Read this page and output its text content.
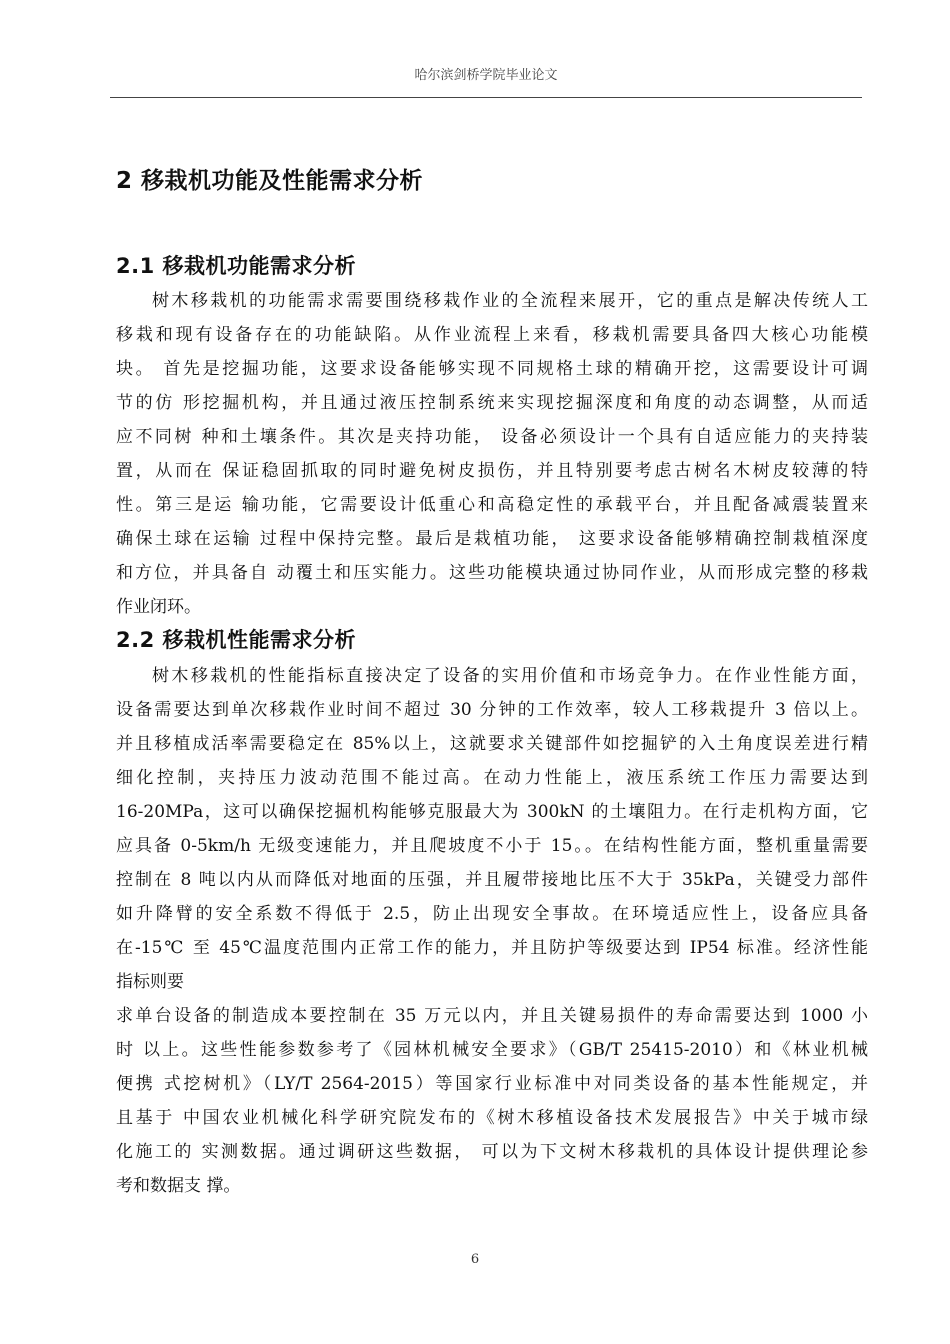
哈尔滨剑桥学院毕业论文
2 移栽机功能及性能需求分析
2.1 移栽机功能需求分析
树木移栽机的功能需求需要围绕移栽作业的全流程来展开，它的重点是解决传统人工
移栽和现有设备存在的功能缺陷。从作业流程上来看，移栽机需要具备四大核心功能模
块。 首先是挖掘功能，这要求设备能够实现不同规格土球的精确开挖，这需要设计可调
节的仿 形挖掘机构，并且通过液压控制系统来实现挖掘深度和角度的动态调整，从而适
应不同树 种和土壤条件。其次是夹持功能， 设备必须设计一个具有自适应能力的夹持装
置，从而在 保证稳固抓取的同时避免树皮损伤，并且特别要考虑古树名木树皮较薄的特
性。第三是运 输功能，它需要设计低重心和高稳定性的承载平台，并且配备减震装置来
确保土球在运输 过程中保持完整。最后是栽植功能， 这要求设备能够精确控制栽植深度
和方位，并具备自 动覆土和压实能力。这些功能模块通过协同作业，从而形成完整的移栽
作业闭环。
2.2 移栽机性能需求分析
树木移栽机的性能指标直接决定了设备的实用价值和市场竞争力。在作业性能方面，
设备需要达到单次移栽作业时间不超过 30 分钟的工作效率，较人工移栽提升 3 倍以上。
并且移植成活率需要稳定在 85%以上，这就要求关键部件如挖掘铲的入土角度误差进行精
细化控制，夹持压力波动范围不能过高。在动力性能上，液压系统工作压力需要达到
16-20MPa，这可以确保挖掘机构能够克服最大为 300kN 的土壤阻力。在行走机构方面，它
应具备 0-5km/h 无级变速能力，并且爬坡度不小于 15。。在结构性能方面，整机重量需要
控制在 8 吨以内从而降低对地面的压强，并且履带接地比压不大于 35kPa，关键受力部件
如升降臂的安全系数不得低于 2.5，防止出现安全事故。在环境适应性上，设备应具备
在-15℃ 至 45℃温度范围内正常工作的能力，并且防护等级要达到 IP54 标准。经济性能
指标则要
求单台设备的制造成本要控制在 35 万元以内，并且关键易损件的寿命需要达到 1000 小
时 以上。这些性能参数参考了《园林机械安全要求》（GB/T 25415-2010）和《林业机械
便携 式挖树机》（LY/T 2564-2015）等国家行业标准中对同类设备的基本性能规定，并
且基于 中国农业机械化科学研究院发布的《树木移植设备技术发展报告》中关于城市绿
化施工的 实测数据。通过调研这些数据， 可以为下文树木移栽机的具体设计提供理论参
考和数据支 撑。
6
